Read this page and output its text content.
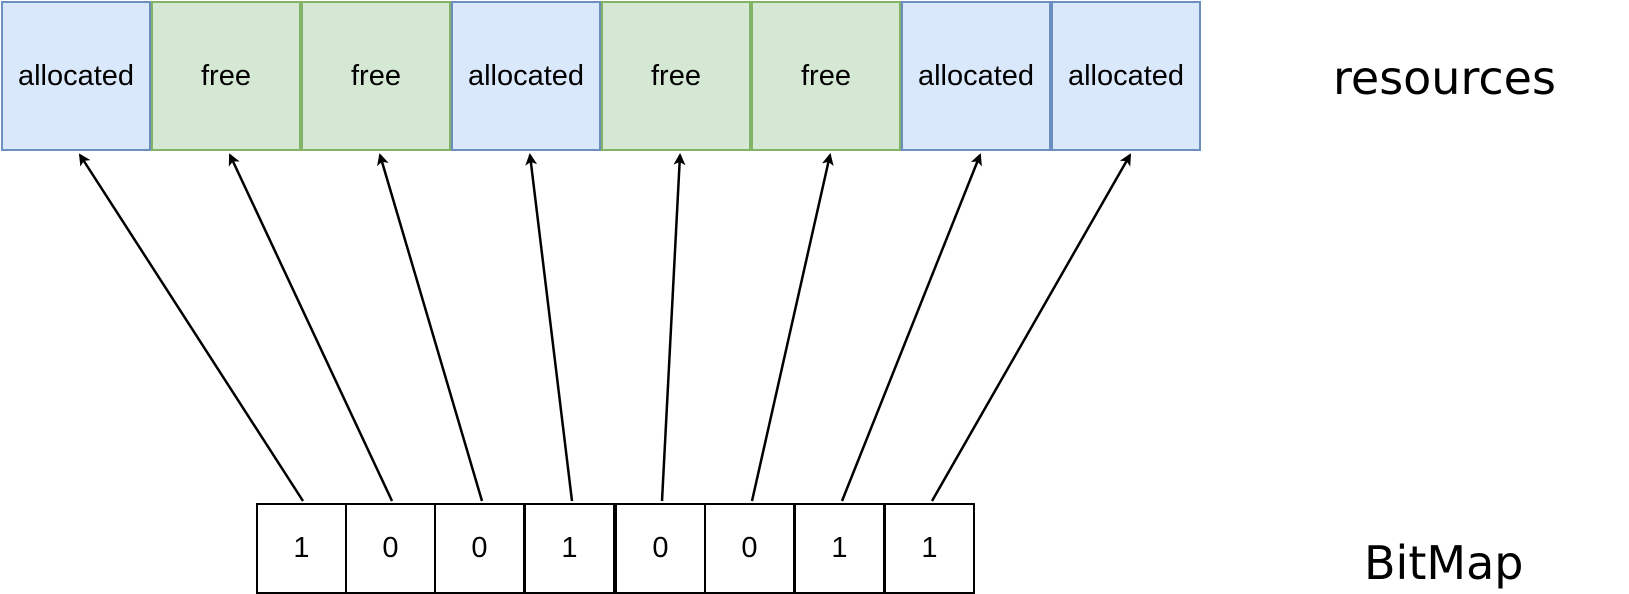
allocated	free	free	allocated	free	free	allocated	allocated
1	0	0	1	0	0	1	1
resources
BitMap
